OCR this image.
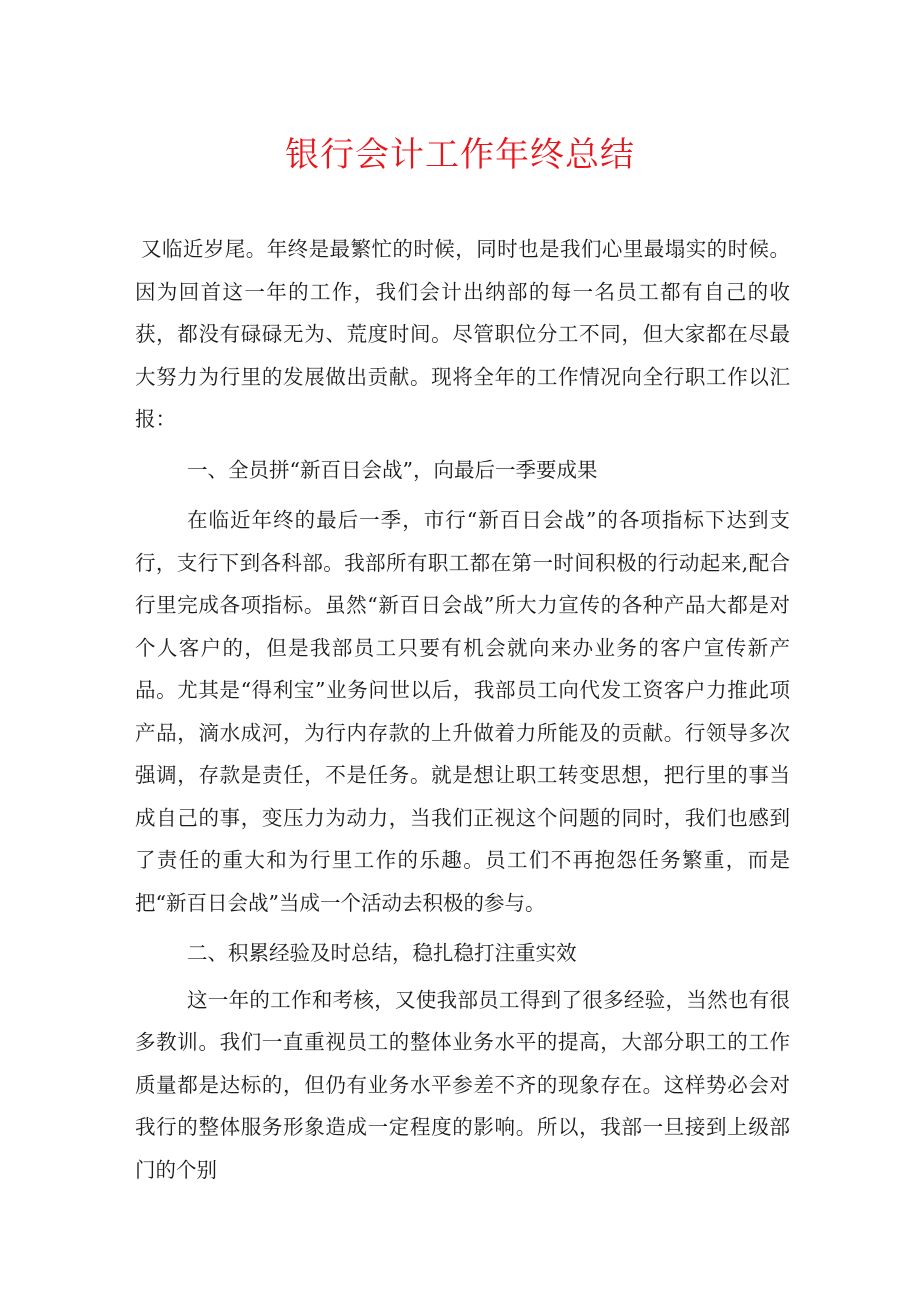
银行会计工作年终总结

又临近岁尾。年终是最繁忙的时候，同时也是我们心里最塌实的时候。因为回首这一年的工作，我们会计出纳部的每一名员工都有自己的收获，都没有碌碌无为、荒度时间。尽管职位分工不同，但大家都在尽最大努力为行里的发展做出贡献。现将全年的工作情况向全行职工作以汇报：

一、全员拼“新百日会战”，向最后一季要成果

在临近年终的最后一季，市行“新百日会战”的各项指标下达到支行，支行下到各科部。我部所有职工都在第一时间积极的行动起来,配合行里完成各项指标。虽然“新百日会战”所大力宣传的各种产品大都是对个人客户的，但是我部员工只要有机会就向来办业务的客户宣传新产品。尤其是“得利宝”业务问世以后，我部员工向代发工资客户力推此项产品，滴水成河，为行内存款的上升做着力所能及的贡献。行领导多次强调，存款是责任，不是任务。就是想让职工转变思想，把行里的事当成自己的事，变压力为动力，当我们正视这个问题的同时，我们也感到了责任的重大和为行里工作的乐趣。员工们不再抱怨任务繁重，而是把“新百日会战”当成一个活动去积极的参与。

二、积累经验及时总结，稳扎稳打注重实效

这一年的工作和考核，又使我部员工得到了很多经验，当然也有很多教训。我们一直重视员工的整体业务水平的提高，大部分职工的工作质量都是达标的，但仍有业务水平参差不齐的现象存在。这样势必会对我行的整体服务形象造成一定程度的影响。所以，我部一旦接到上级部门的个别
